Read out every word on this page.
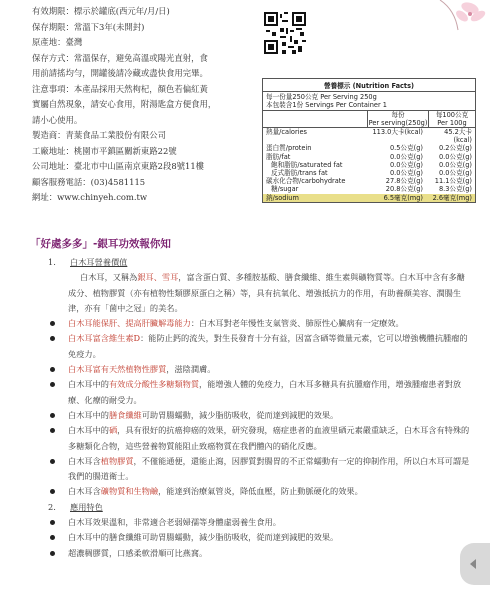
有效期限：標示於罐底(西元年/月/日)
保存期限：常溫下3年(未開封)
原產地：臺灣
保存方式：常溫保存，避免高溫或陽光直射，食
用前請搖均勻，開罐後請冷藏或盡快食用完畢。
注意事項：本產品採用天然枸杞，顏色若偏紅黃
實屬自然現象，請安心食用，附湯匙盒方便食用，
請小心使用。
製造商：青葉食品工業股份有限公司
工廠地址：桃園市平鎮區關新東路22號
公司地址：臺北市中山區南京東路2段8號11樓
顧客服務電話：(03)4581115
網址：www.chinyeh.com.tw
營養標示 (Nutrition Facts)
每一份量250公克 Per Serving 250g
本包裝含1份 Servings Per Container 1
每份
Per serving(250g)
每100公克
Per 100g
熱量/calories	113.0大卡(kcal)	45.2大卡(kcal)
蛋白質/protein	0.5公克(g)	0.2公克(g)
脂肪/fat	0.0公克(g)	0.0公克(g)
飽和脂肪/saturated fat	0.0公克(g)	0.0公克(g)
反式脂肪/trans fat	0.0公克(g)	0.0公克(g)
碳水化合物/carbohydrate	27.8公克(g)	11.1公克(g)
糖/sugar	20.8公克(g)	8.3公克(g)
鈉/sodium	6.5毫克(mg)	2.6毫克(mg)
「好處多多」-銀耳功效報你知
1.	白木耳營養價值
白木耳，又稱為銀耳、雪耳，富含蛋白質、多種胺基酸、膳食纖維、維生素與礦物質等。白木耳中含有多醣成分、植物膠質（亦有植物性類膠原蛋白之稱）等，具有抗氧化、增強抵抗力的作用，有助養顏美容、潤腸生津，亦有「菌中之冠」的美名。
白木耳能保肝、提高肝臟解毒能力：白木耳對老年慢性支氣管炎、肺原性心臟病有一定療效。
白木耳富含維生素D：能防止鈣的流失，對生長發育十分有益，因富含硒等微量元素，它可以增強機體抗腫瘤的免疫力。
白木耳富有天然植物性膠質，滋陰潤膚。
白木耳中的有效成分酸性多糖類物質，能增強人體的免疫力，白木耳多糖具有抗腫瘤作用，增強腫瘤患者對放療、化療的耐受力。
白木耳中的膳食纖維可助胃腸蠕動，減少脂肪吸收，從而達到減肥的效果。
白木耳中的硒，具有很好的抗癌抑癌的效果，研究發現，癌症患者的血液里硒元素嚴重缺乏，白木耳含有特殊的多糖類化合物，這些營養物質能阻止致癌物質在我們體內的硝化反應。
白木耳含植物膠質，不僅能通便，還能止瀉，因膠質對腸胃的不正常蠕動有一定的抑制作用，所以白木耳可謂是我們的腸道衛士。
白木耳含礦物質和生物鹼，能達到治療氣管炎，降低血壓，防止動脈硬化的效果。
2.	應用特色
白木耳效果溫和，非常適合老弱婦孺等身體虛弱養生食用。
白木耳中的膳食纖維可助胃腸蠕動，減少脂肪吸收，從而達到減肥的效果。
超濃稠膠質，口感柔軟滑順可比燕窩。
